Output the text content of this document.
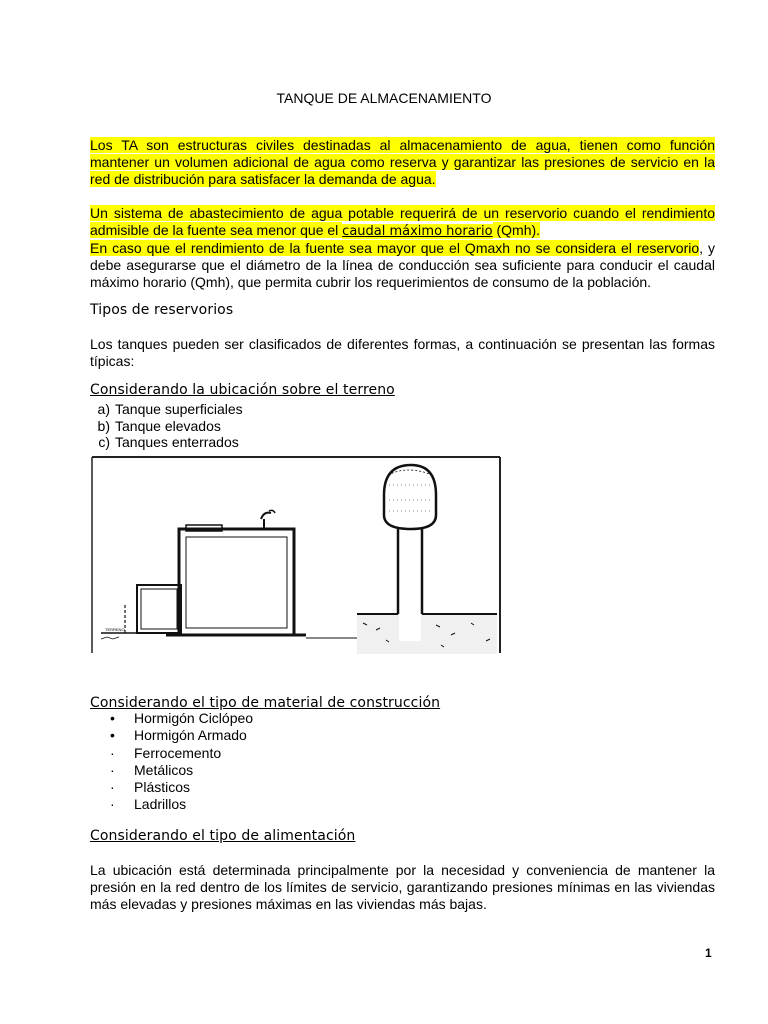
TANQUE DE ALMACENAMIENTO
Los TA son estructuras civiles destinadas al almacenamiento de agua, tienen como función mantener un volumen adicional de agua como reserva y garantizar las presiones de servicio en la red de distribución para satisfacer la demanda de agua.
Un sistema de abastecimiento de agua potable requerirá de un reservorio cuando el rendimiento admisible de la fuente sea menor que el caudal máximo horario (Qmh).
En caso que el rendimiento de la fuente sea mayor que el Qmaxh no se considera el reservorio, y debe asegurarse que el diámetro de la línea de conducción sea suficiente para conducir el caudal máximo horario (Qmh), que permita cubrir los requerimientos de consumo de la población.
Tipos de reservorios
Los tanques pueden ser clasificados de diferentes formas, a continuación se presentan las formas típicas:
Considerando la ubicación sobre el terreno
a) Tanque superficiales
b) Tanque elevados
c) Tanques enterrados
TERRENO
Considerando el tipo de material de construcción
•	Hormigón Ciclópeo
•	Hormigón Armado
·	Ferrocemento
·	Metálicos
·	Plásticos
·	Ladrillos
Considerando el tipo de alimentación
La ubicación está determinada principalmente por la necesidad y conveniencia de mantener la presión en la red dentro de los límites de servicio, garantizando presiones mínimas en las viviendas más elevadas y presiones máximas en las viviendas más bajas.
1
